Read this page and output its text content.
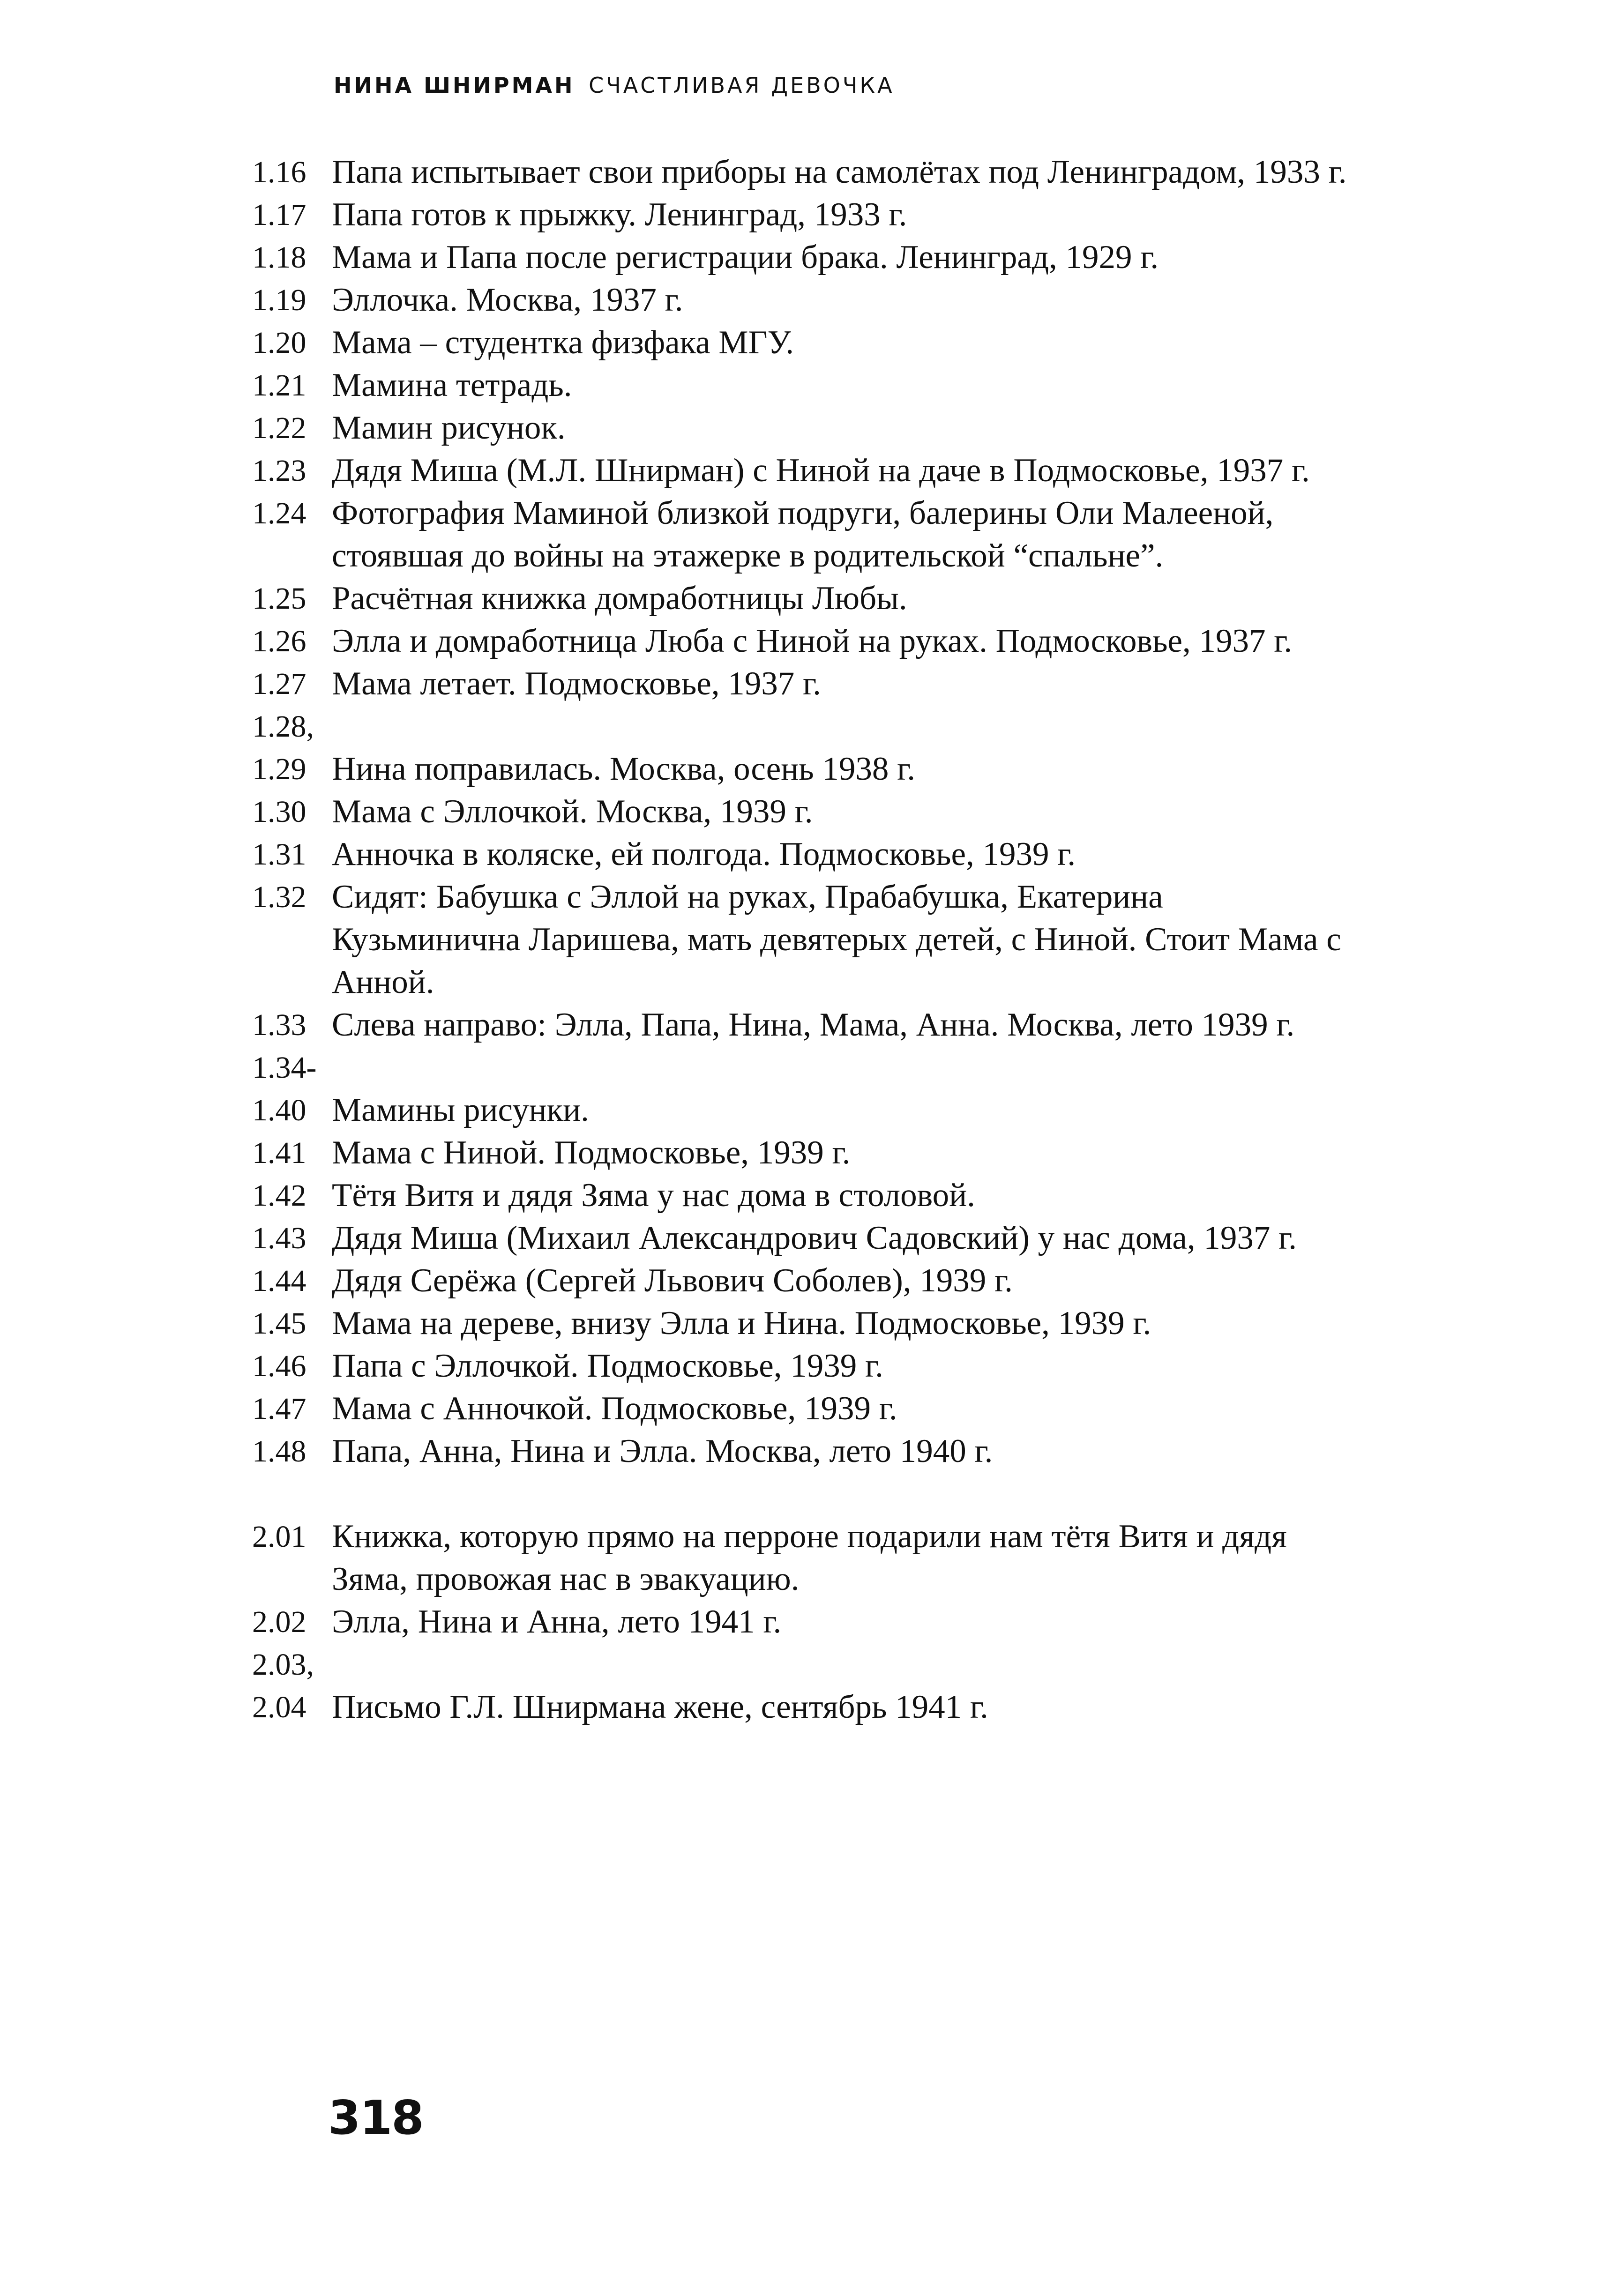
НИНА ШНИРМАН СЧАСТЛИВАЯ ДЕВОЧКА
1.16 Папа испытывает свои приборы на самолётах под Ленинградом, 1933 г.
1.17 Папа готов к прыжку. Ленинград, 1933 г.
1.18 Мама и Папа после регистрации брака. Ленинград, 1929 г.
1.19 Эллочка. Москва, 1937 г.
1.20 Мама – студентка физфака МГУ.
1.21 Мамина тетрадь.
1.22 Мамин рисунок.
1.23 Дядя Миша (М.Л. Шнирман) с Ниной на даче в Подмосковье, 1937 г.
1.24 Фотография Маминой близкой подруги, балерины Оли Малееной, стоявшая до войны на этажерке в родительской “спальне”.
1.25 Расчётная книжка домработницы Любы.
1.26 Элла и домработница Люба с Ниной на руках. Подмосковье, 1937 г.
1.27 Мама летает. Подмосковье, 1937 г.
1.28,
1.29 Нина поправилась. Москва, осень 1938 г.
1.30 Мама с Эллочкой. Москва, 1939 г.
1.31 Анночка в коляске, ей полгода. Подмосковье, 1939 г.
1.32 Сидят: Бабушка с Эллой на руках, Прабабушка, Екатерина Кузьминична Ларишева, мать девятерых детей, с Ниной. Стоит Мама с Анной.
1.33 Слева направо: Элла, Папа, Нина, Мама, Анна. Москва, лето 1939 г.
1.34-
1.40 Мамины рисунки.
1.41 Мама с Ниной. Подмосковье, 1939 г.
1.42 Тётя Витя и дядя Зяма у нас дома в столовой.
1.43 Дядя Миша (Михаил Александрович Садовский) у нас дома, 1937 г.
1.44 Дядя Серёжа (Сергей Львович Соболев), 1939 г.
1.45 Мама на дереве, внизу Элла и Нина. Подмосковье, 1939 г.
1.46 Папа с Эллочкой. Подмосковье, 1939 г.
1.47 Мама с Анночкой. Подмосковье, 1939 г.
1.48 Папа, Анна, Нина и Элла. Москва, лето 1940 г.
2.01 Книжка, которую прямо на перроне подарили нам тётя Витя и дядя Зяма, провожая нас в эвакуацию.
2.02 Элла, Нина и Анна, лето 1941 г.
2.03,
2.04 Письмо Г.Л. Шнирмана жене, сентябрь 1941 г.
318
